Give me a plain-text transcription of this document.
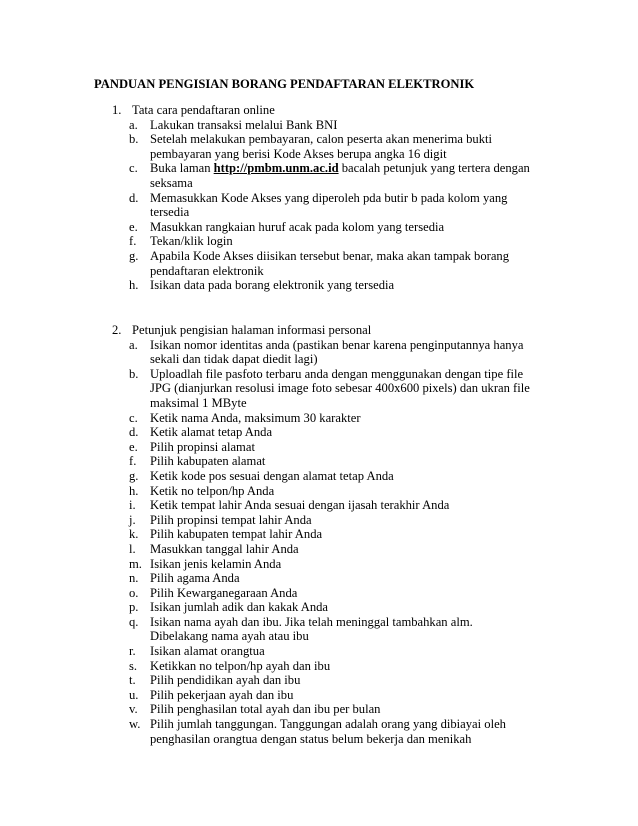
PANDUAN PENGISIAN BORANG PENDAFTARAN ELEKTRONIK
1. Tata cara pendaftaran online
a. Lakukan transaksi melalui Bank BNI
b. Setelah melakukan pembayaran, calon peserta akan menerima bukti pembayaran yang berisi Kode Akses berupa angka 16 digit
c. Buka laman http://pmbm.unm.ac.id bacalah petunjuk yang tertera dengan seksama
d. Memasukkan Kode Akses yang diperoleh pda butir b pada kolom yang tersedia
e. Masukkan rangkaian huruf acak pada kolom yang tersedia
f. Tekan/klik login
g. Apabila Kode Akses diisikan tersebut benar, maka akan tampak borang pendaftaran elektronik
h. Isikan data pada borang elektronik yang tersedia
2. Petunjuk pengisian halaman informasi personal
a. Isikan nomor identitas anda (pastikan benar karena penginputannya hanya sekali dan tidak dapat diedit lagi)
b. Uploadlah file pasfoto terbaru anda dengan menggunakan dengan tipe file JPG (dianjurkan resolusi image foto sebesar 400x600 pixels) dan ukran file maksimal 1 MByte
c. Ketik nama Anda, maksimum 30 karakter
d. Ketik alamat tetap Anda
e. Pilih propinsi alamat
f. Pilih kabupaten alamat
g. Ketik kode pos sesuai dengan alamat tetap Anda
h. Ketik no telpon/hp Anda
i. Ketik tempat lahir Anda sesuai dengan ijasah terakhir Anda
j. Pilih propinsi tempat lahir Anda
k. Pilih kabupaten tempat lahir Anda
l. Masukkan tanggal lahir Anda
m. Isikan jenis kelamin Anda
n. Pilih agama Anda
o. Pilih Kewarganegaraan Anda
p. Isikan jumlah adik dan kakak Anda
q. Isikan nama ayah dan ibu. Jika telah meninggal tambahkan alm. Dibelakang nama ayah atau ibu
r. Isikan alamat orangtua
s. Ketikkan no telpon/hp ayah dan ibu
t. Pilih pendidikan ayah dan ibu
u. Pilih pekerjaan ayah dan ibu
v. Pilih penghasilan total ayah dan ibu per bulan
w. Pilih jumlah tanggungan. Tanggungan adalah orang yang dibiayai oleh penghasilan orangtua dengan status belum bekerja dan menikah
